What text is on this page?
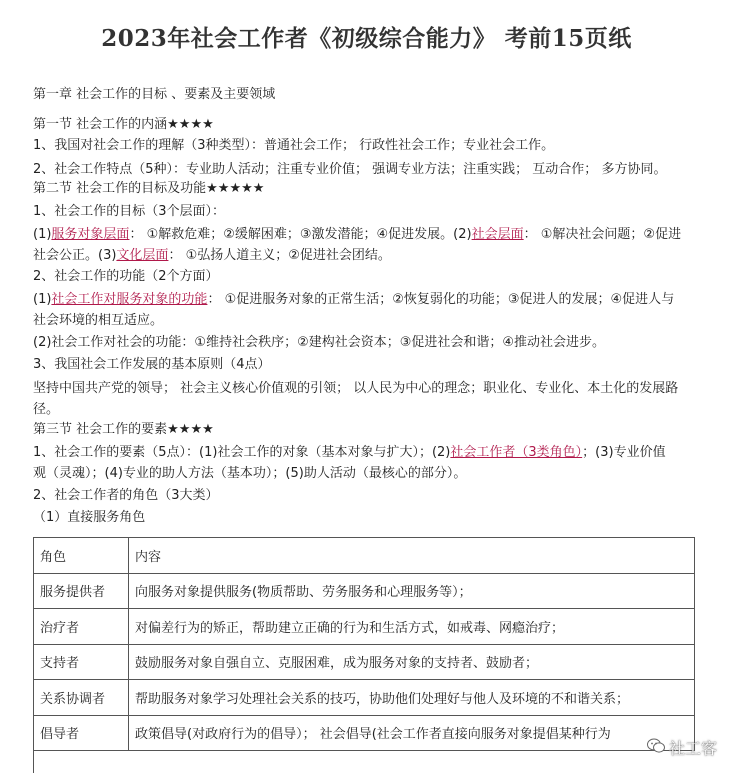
2023年社会工作者《初级综合能力》 考前15页纸
第一章 社会工作的目标 、要素及主要领域
第一节 社会工作的内涵★★★★
1、我国对社会工作的理解（3种类型）：普通社会工作； 行政性社会工作；专业社会工作。
2、社会工作特点（5种）：专业助人活动；注重专业价值； 强调专业方法；注重实践； 互动合作； 多方协同。
第二节 社会工作的目标及功能★★★★★
1、社会工作的目标（3个层面）：
(1)服务对象层面： ①解救危难；②缓解困难；③激发潜能；④促进发展。(2)社会层面： ①解决社会问题；②促进
社会公正。(3)文化层面： ①弘扬人道主义；②促进社会团结。
2、社会工作的功能（2个方面）
(1)社会工作对服务对象的功能： ①促进服务对象的正常生活；②恢复弱化的功能；③促进人的发展；④促进人与
社会环境的相互适应。
(2)社会工作对社会的功能：①维持社会秩序；②建构社会资本；③促进社会和谐；④推动社会进步。
3、我国社会工作发展的基本原则（4点）
坚持中国共产党的领导； 社会主义核心价值观的引领； 以人民为中心的理念；职业化、专业化、本土化的发展路
径。
第三节 社会工作的要素★★★★
1、社会工作的要素（5点）：(1)社会工作的对象（基本对象与扩大）；(2)社会工作者（3类角色）；(3)专业价值
观（灵魂）；(4)专业的助人方法（基本功）；(5)助人活动（最核心的部分）。
2、社会工作者的角色（3大类）
（1）直接服务角色
角色	内容
服务提供者	向服务对象提供服务(物质帮助、劳务服务和心理服务等）；
治疗者	对偏差行为的矫正，帮助建立正确的行为和生活方式，如戒毒、网瘾治疗；
支持者	鼓励服务对象自强自立、克服困难，成为服务对象的支持者、鼓励者；
关系协调者	帮助服务对象学习处理社会关系的技巧，协助他们处理好与他人及环境的不和谐关系；
倡导者	政策倡导(对政府行为的倡导）； 社会倡导(社会工作者直接向服务对象提倡某种行为
社工客
